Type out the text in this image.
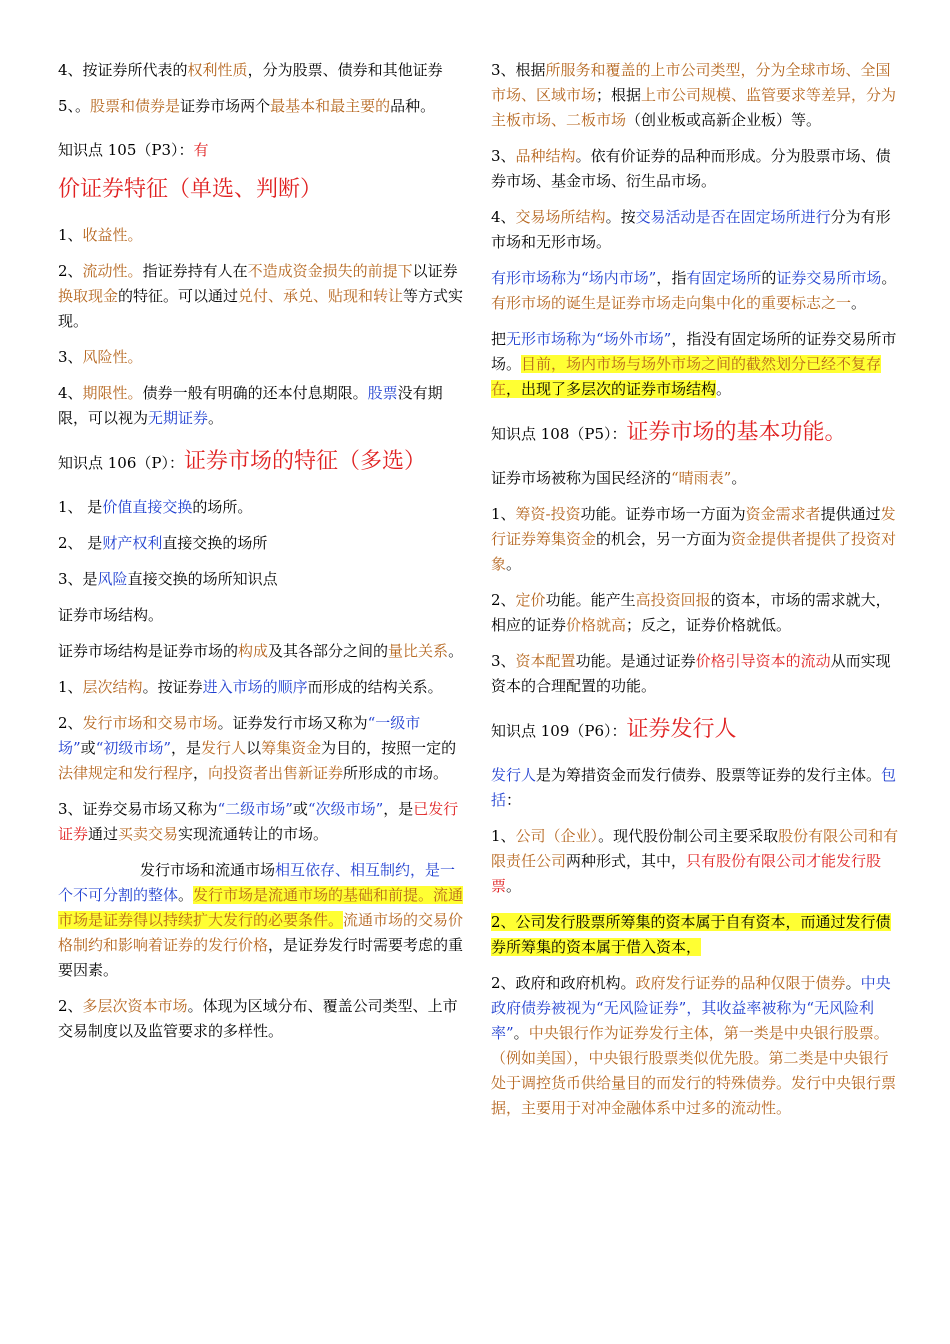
4、按证券所代表的权利性质，分为股票、债券和其他证券

5、。股票和债券是证券市场两个最基本和最主要的品种。

知识点 105（P3）：有价证券特征（单选、判断）

1、收益性。

2、流动性。指证券持有人在不造成资金损失的前提下以证券换取现金的特征。可以通过兑付、承兑、贴现和转让等方式实现。

3、风险性。

4、期限性。债券一般有明确的还本付息期限。股票没有期限，可以视为无期证券。

知识点 106（P）：证券市场的特征（多选）

1、 是价值直接交换的场所。

2、 是财产权利直接交换的场所

3、是风险直接交换的场所知识点

证券市场结构。

证券市场结构是证券市场的构成及其各部分之间的量比关系。

1、层次结构。按证券进入市场的顺序而形成的结构关系。

2、发行市场和交易市场。证券发行市场又称为“一级市场”或“初级市场”，是发行人以筹集资金为目的，按照一定的法律规定和发行程序，向投资者出售新证券所形成的市场。

3、证券交易市场又称为“二级市场”或“次级市场”，是已发行证券通过买卖交易实现流通转让的市场。

发行市场和流通市场相互依存、相互制约，是一个不可分割的整体。发行市场是流通市场的基础和前提。流通市场是证券得以持续扩大发行的必要条件。流通市场的交易价格制约和影响着证券的发行价格，是证券发行时需要考虑的重要因素。

2、多层次资本市场。体现为区域分布、覆盖公司类型、上市交易制度以及监管要求的多样性。

3、根据所服务和覆盖的上市公司类型，分为全球市场、全国市场、区域市场；根据上市公司规模、监管要求等差异，分为主板市场、二板市场（创业板或高新企业板）等。

3、品种结构。依有价证券的品种而形成。分为股票市场、债券市场、基金市场、衍生品市场。

4、交易场所结构。按交易活动是否在固定场所进行分为有形市场和无形市场。

有形市场称为“场内市场”，指有固定场所的证券交易所市场。有形市场的诞生是证券市场走向集中化的重要标志之一。

把无形市场称为“场外市场”，指没有固定场所的证券交易所市场。目前，场内市场与场外市场之间的截然划分已经不复存在，出现了多层次的证券市场结构。

知识点 108（P5）：证券市场的基本功能。

证券市场被称为国民经济的“晴雨表”。

1、筹资-投资功能。证券市场一方面为资金需求者提供通过发行证券筹集资金的机会，另一方面为资金提供者提供了投资对象。

2、定价功能。能产生高投资回报的资本，市场的需求就大，相应的证券价格就高；反之，证券价格就低。

3、资本配置功能。是通过证券价格引导资本的流动从而实现资本的合理配置的功能。

知识点 109（P6）：证券发行人

发行人是为筹措资金而发行债券、股票等证券的发行主体。包括：

1、公司（企业）。现代股份制公司主要采取股份有限公司和有限责任公司两种形式，其中，只有股份有限公司才能发行股票。

2、公司发行股票所筹集的资本属于自有资本，而通过发行债券所筹集的资本属于借入资本，

2、政府和政府机构。政府发行证券的品种仅限于债券。中央政府债券被视为“无风险证券”，其收益率被称为“无风险利率”。中央银行作为证券发行主体，第一类是中央银行股票。（例如美国），中央银行股票类似优先股。第二类是中央银行处于调控货币供给量目的而发行的特殊债券。发行中央银行票据，主要用于对冲金融体系中过多的流动性。
